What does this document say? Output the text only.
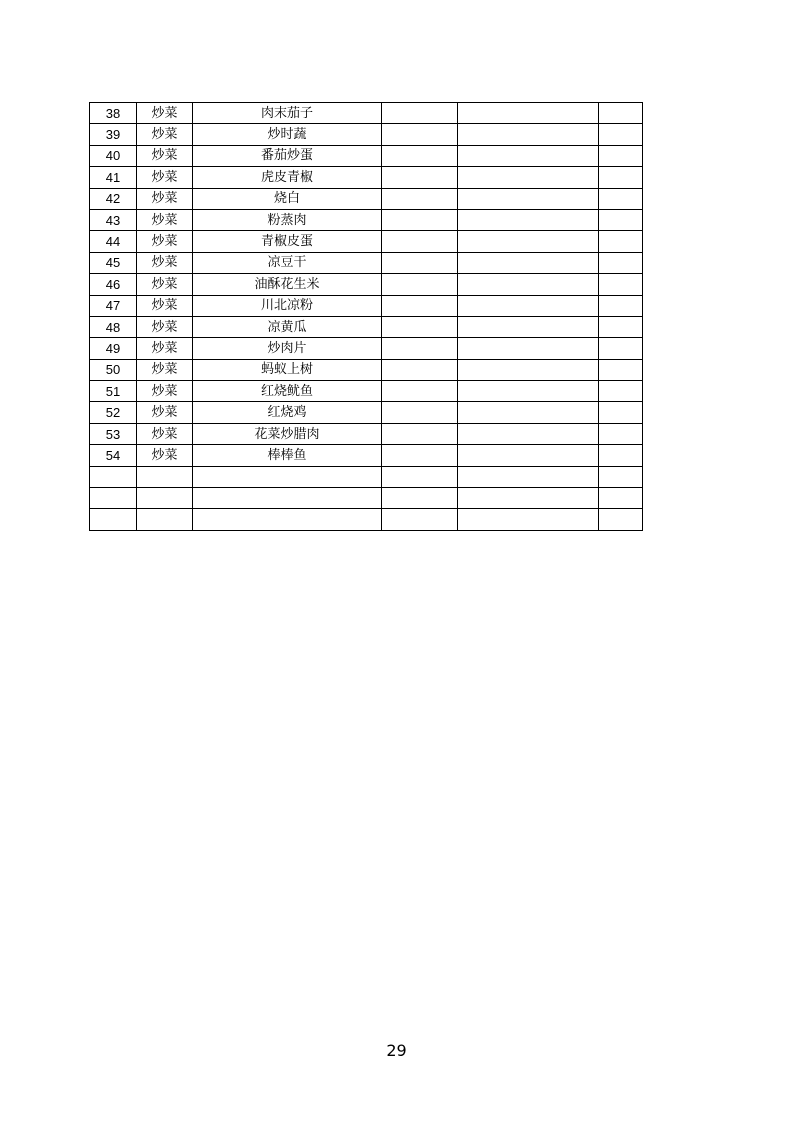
38	炒菜	肉末茄子			
39	炒菜	炒时蔬			
40	炒菜	番茄炒蛋			
41	炒菜	虎皮青椒			
42	炒菜	烧白			
43	炒菜	粉蒸肉			
44	炒菜	青椒皮蛋			
45	炒菜	凉豆干			
46	炒菜	油酥花生米			
47	炒菜	川北凉粉			
48	炒菜	凉黄瓜			
49	炒菜	炒肉片			
50	炒菜	蚂蚁上树			
51	炒菜	红烧鱿鱼			
52	炒菜	红烧鸡			
53	炒菜	花菜炒腊肉			
54	炒菜	棒棒鱼			

29
